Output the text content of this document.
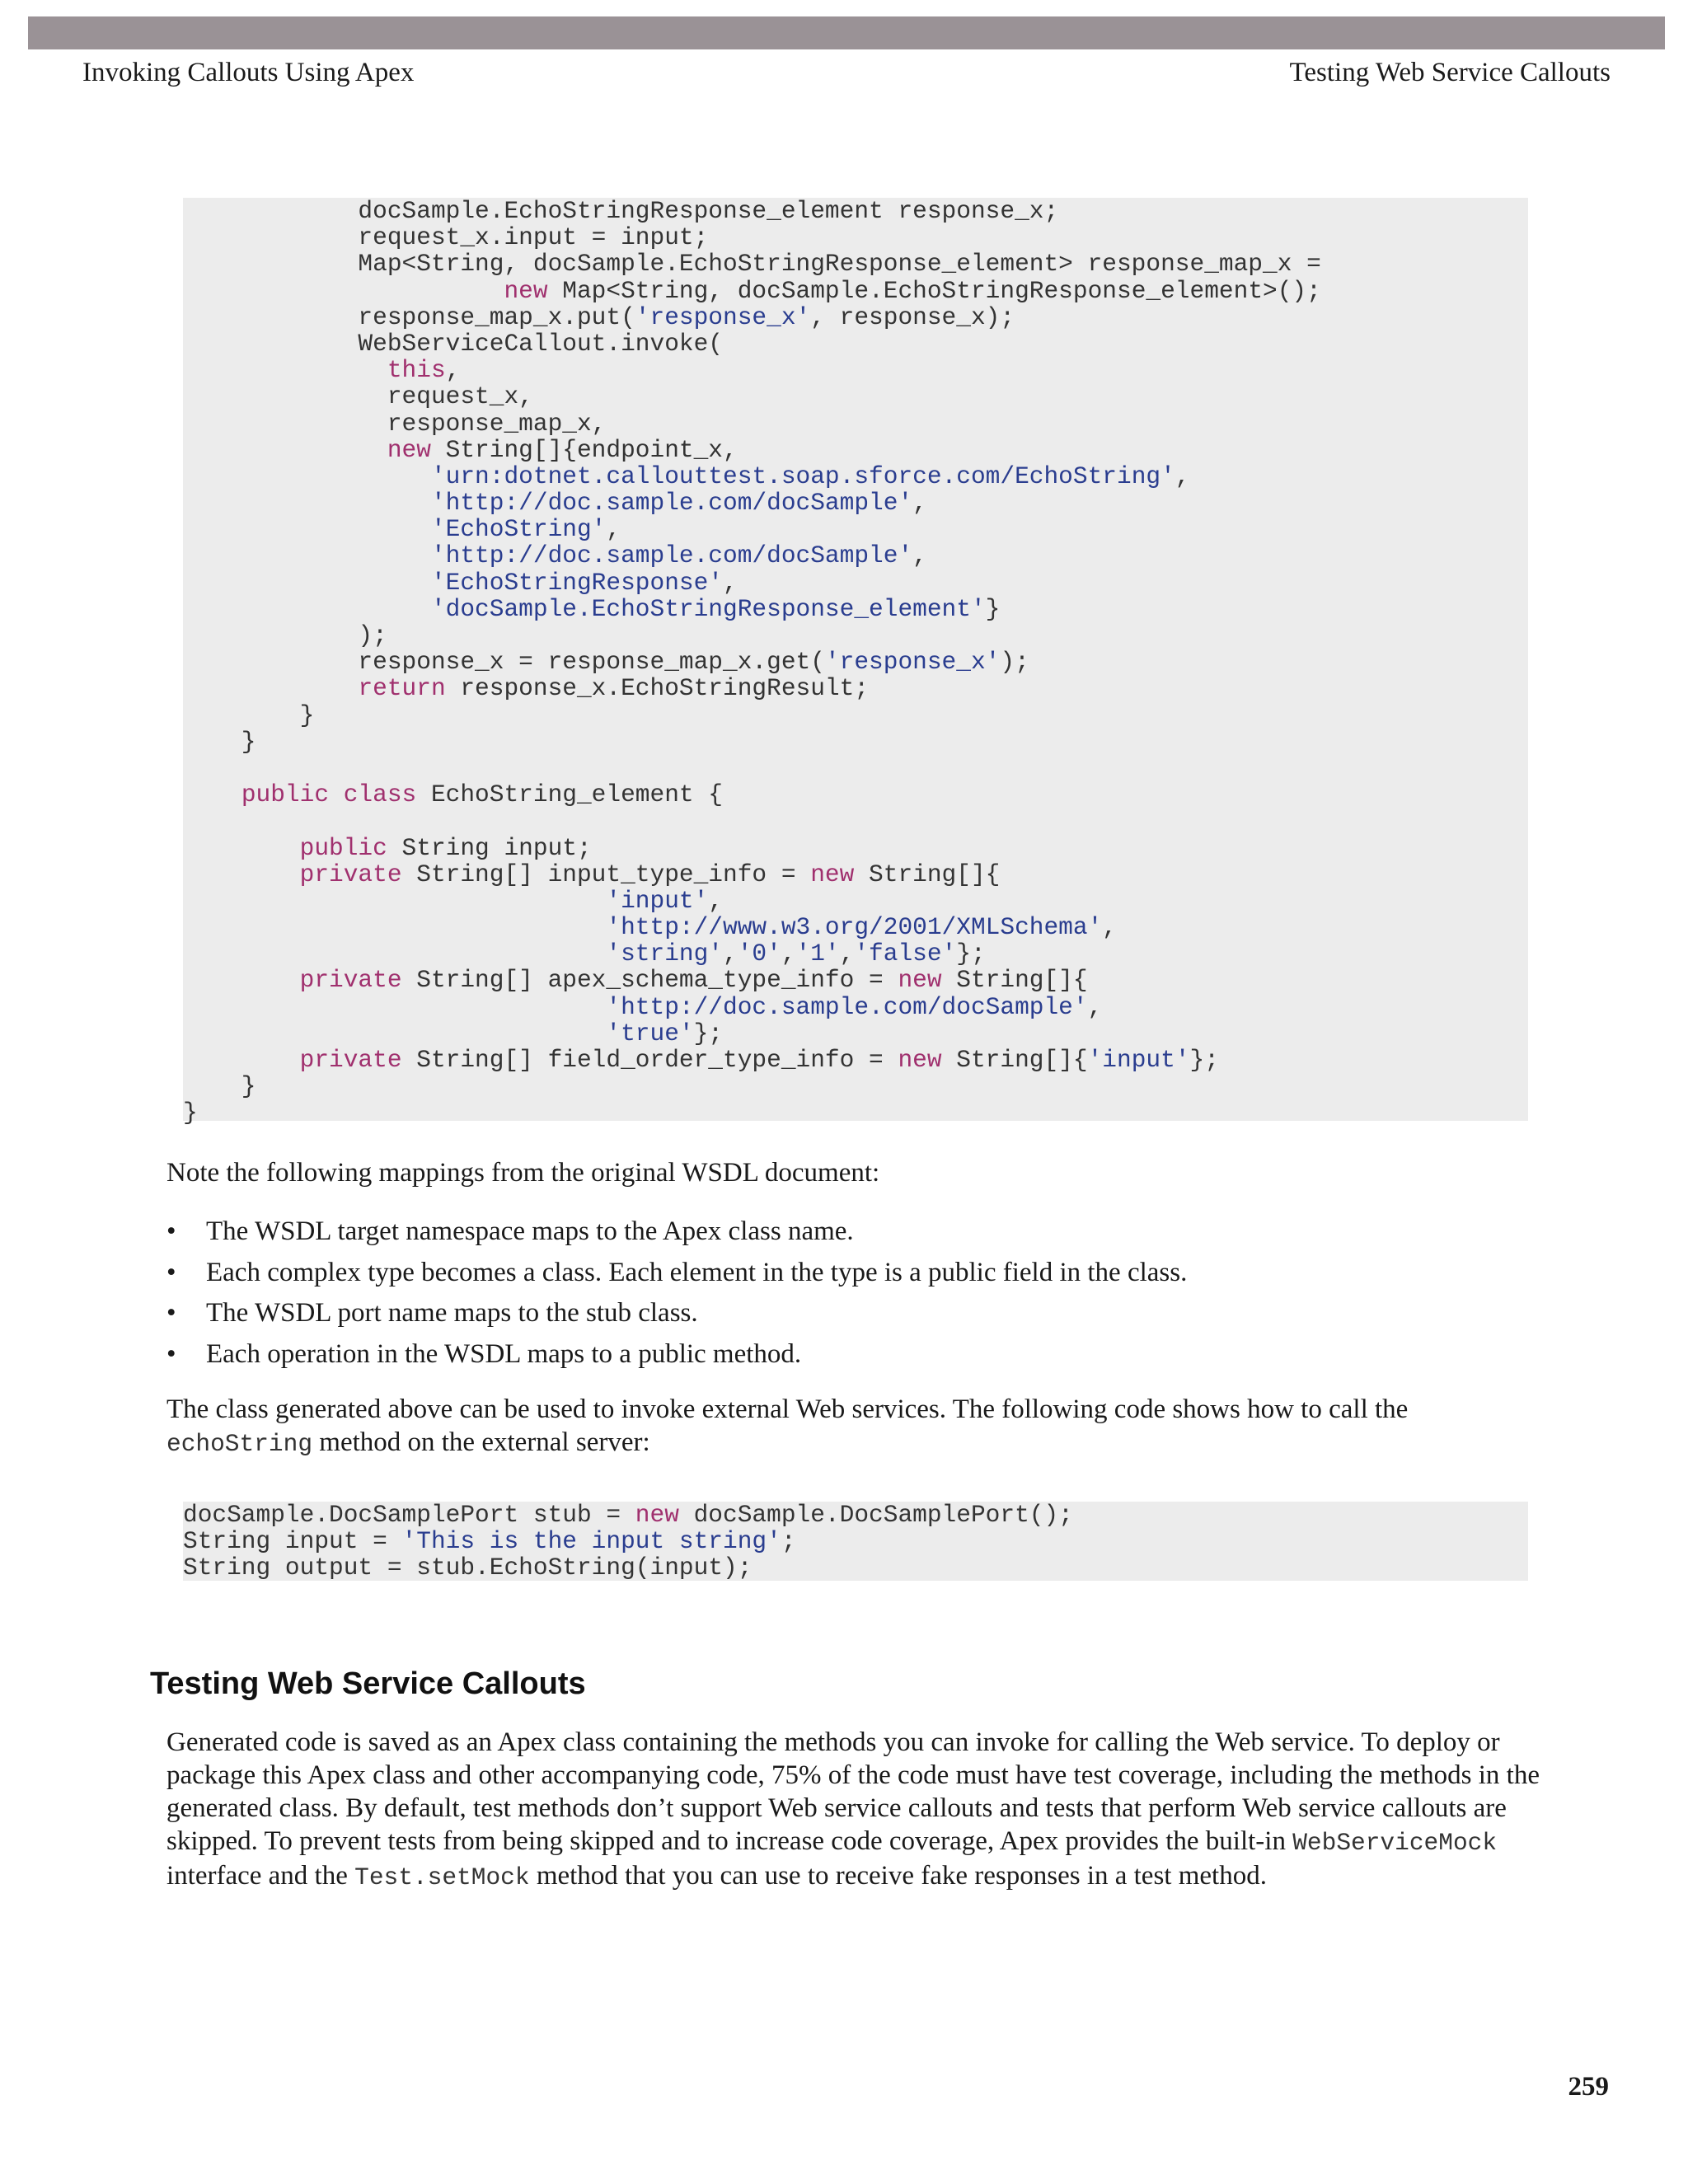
Invoking Callouts Using Apex	Testing Web Service Callouts
docSample.EchoStringResponse_element response_x;
request_x.input = input;
Map<String, docSample.EchoStringResponse_element> response_map_x =
new Map<String, docSample.EchoStringResponse_element>();
response_map_x.put('response_x', response_x);
WebServiceCallout.invoke(
this,
request_x,
response_map_x,
new String[]{endpoint_x,
'urn:dotnet.callouttest.soap.sforce.com/EchoString',
'http://doc.sample.com/docSample',
'EchoString',
'http://doc.sample.com/docSample',
'EchoStringResponse',
'docSample.EchoStringResponse_element'}
);
response_x = response_map_x.get('response_x');
return response_x.EchoStringResult;
}
}
public class EchoString_element {
public String input;
private String[] input_type_info = new String[]{
'input',
'http://www.w3.org/2001/XMLSchema',
'string','0','1','false'};
private String[] apex_schema_type_info = new String[]{
'http://doc.sample.com/docSample',
'true'};
private String[] field_order_type_info = new String[]{'input'};
}
}
Note the following mappings from the original WSDL document:
• The WSDL target namespace maps to the Apex class name.
• Each complex type becomes a class. Each element in the type is a public field in the class.
• The WSDL port name maps to the stub class.
• Each operation in the WSDL maps to a public method.
The class generated above can be used to invoke external Web services. The following code shows how to call the echoString method on the external server:
docSample.DocSamplePort stub = new docSample.DocSamplePort();
String input = 'This is the input string';
String output = stub.EchoString(input);
Testing Web Service Callouts
Generated code is saved as an Apex class containing the methods you can invoke for calling the Web service. To deploy or package this Apex class and other accompanying code, 75% of the code must have test coverage, including the methods in the generated class. By default, test methods don’t support Web service callouts and tests that perform Web service callouts are skipped. To prevent tests from being skipped and to increase code coverage, Apex provides the built-in WebServiceMock interface and the Test.setMock method that you can use to receive fake responses in a test method.
259
